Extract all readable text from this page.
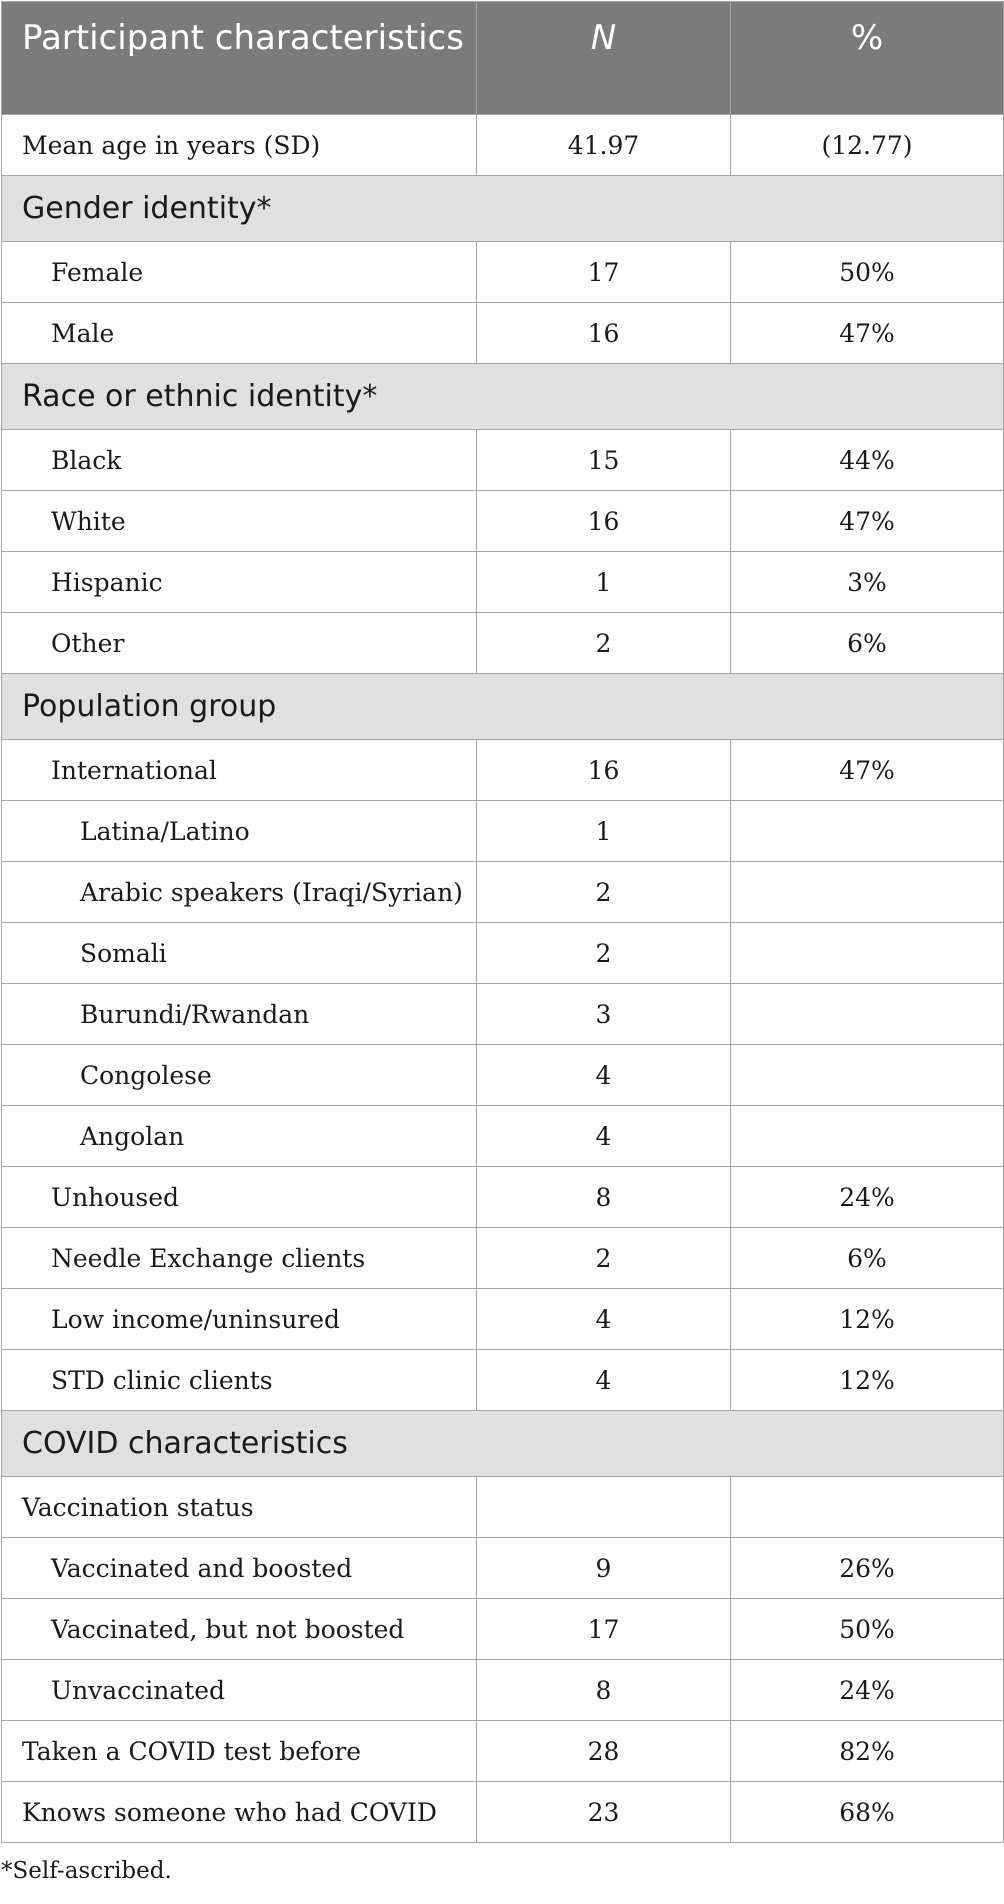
Participant characteristics	N	%
Mean age in years (SD)	41.97	(12.77)
Gender identity*		
Female	17	50%
Male	16	47%
Race or ethnic identity*		
Black	15	44%
White	16	47%
Hispanic	1	3%
Other	2	6%
Population group		
International	16	47%
Latina/Latino	1	
Arabic speakers (Iraqi/Syrian)	2	
Somali	2	
Burundi/Rwandan	3	
Congolese	4	
Angolan	4	
Unhoused	8	24%
Needle Exchange clients	2	6%
Low income/uninsured	4	12%
STD clinic clients	4	12%
COVID characteristics		
Vaccination status		
Vaccinated and boosted	9	26%
Vaccinated, but not boosted	17	50%
Unvaccinated	8	24%
Taken a COVID test before	28	82%
Knows someone who had COVID	23	68%
*Self-ascribed.
